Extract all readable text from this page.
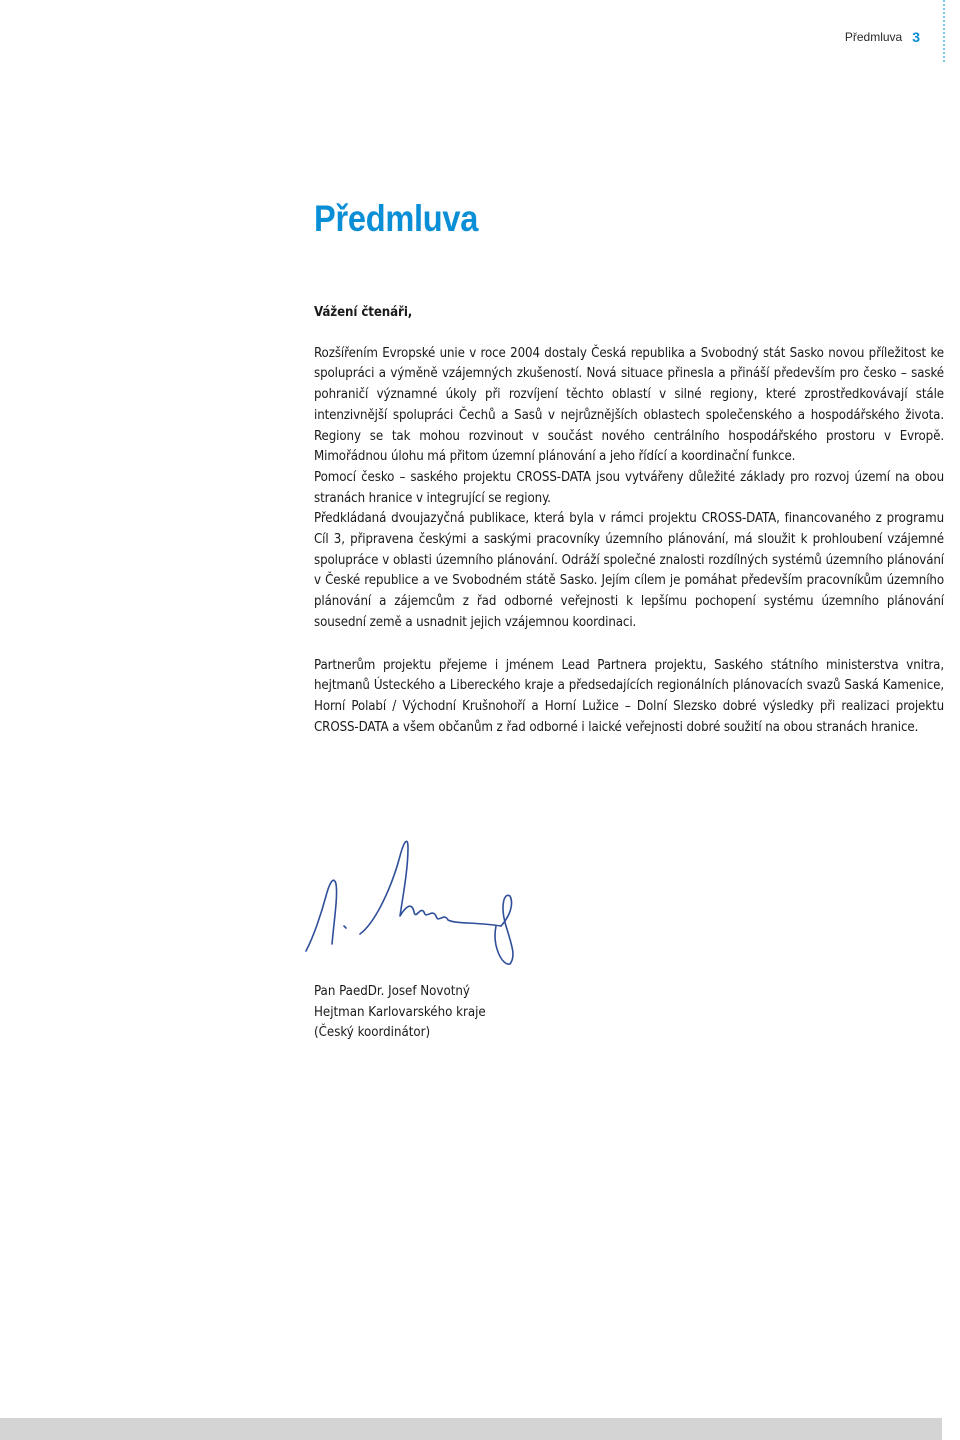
Předmluva 3
Předmluva
Vážení čtenáři,

Rozšířením Evropské unie v roce 2004 dostaly Česká republika a Svobodný stát Sasko novou příležitost ke spolupráci a výměně vzájemných zkušeností. Nová situace přinesla a přináší především pro česko – saské pohraničí významné úkoly při rozvíjení těchto oblastí v silné regiony, které zprostředkovávají stále intenzivnější spolupráci Čechů a Sasů v nejrůznějších oblastech společenského a hospodářského života. Regiony se tak mohou rozvinout v součást nového centrálního hospodářského prostoru v Evropě. Mimořádnou úlohu má přitom územní plánování a jeho řídící a koordinační funkce.

Pomocí česko – saského projektu CROSS-DATA jsou vytvářeny důležité základy pro rozvoj území na obou stranách hranice v integrující se regiony.

Předkládaná dvoujazyčná publikace, která byla v rámci projektu CROSS-DATA, financovaného z programu Cíl 3, připravena českými a saskými pracovníky územního plánování, má sloužit k prohloubení vzájemné spolupráce v oblasti územního plánování. Odráží společné znalosti rozdílných systémů územního plánování v České republice a ve Svobodném státě Sasko. Jejím cílem je pomáhat především pracovníkům územního plánování a zájemcům z řad odborné veřejnosti k lepšímu pochopení systému územního plánování sousední země a usnadnit jejich vzájemnou koordinaci.

Partnerům projektu přejeme i jménem Lead Partnera projektu, Saského státního ministerstva vnitra, hejtmanů Ústeckého a Libereckého kraje a předsedajících regionálních plánovacích svazů Saská Kamenice, Horní Polabí / Východní Krušnohoří a Horní Lužice – Dolní Slezsko dobré výsledky při realizaci projektu CROSS-DATA a všem občanům z řad odborné i laické veřejnosti dobré soužití na obou stranách hranice.

Pan PaedDr. Josef Novotný
Hejtman Karlovarského kraje
(Český koordinátor)
